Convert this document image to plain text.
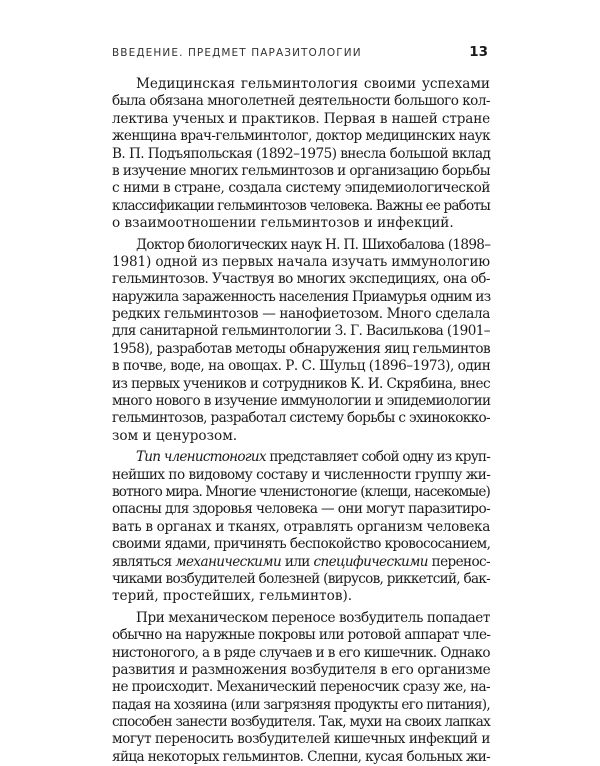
ВВЕДЕНИЕ. ПРЕДМЕТ ПАРАЗИТОЛОГИИ	13
Медицинская гельминтология своими успехами
была обязана многолетней деятельности большого кол-
лектива ученых и практиков. Первая в нашей стране
женщина врач-гельминтолог, доктор медицинских наук
В. П. Подъяпольская (1892–1975) внесла большой вклад
в изучение многих гельминтозов и организацию борьбы
с ними в стране, создала систему эпидемиологической
классификации гельминтозов человека. Важны ее работы
о взаимоотношении гельминтозов и инфекций.
Доктор биологических наук Н. П. Шихобалова (1898–
1981) одной из первых начала изучать иммунологию
гельминтозов. Участвуя во многих экспедициях, она об-
наружила зараженность населения Приамурья одним из
редких гельминтозов — нанофиетозом. Много сделала
для санитарной гельминтологии З. Г. Василькова (1901–
1958), разработав методы обнаружения яиц гельминтов
в почве, воде, на овощах. Р. С. Шульц (1896–1973), один
из первых учеников и сотрудников К. И. Скрябина, внес
много нового в изучение иммунологии и эпидемиологии
гельминтозов, разработал систему борьбы с эхинококко-
зом и ценурозом.
Тип членистоногих представляет собой одну из круп-
нейших по видовому составу и численности группу жи-
вотного мира. Многие членистоногие (клещи, насекомые)
опасны для здоровья человека — они могут паразитиро-
вать в органах и тканях, отравлять организм человека
своими ядами, причинять беспокойство кровососанием,
являться механическими или специфическими перенос-
чиками возбудителей болезней (вирусов, риккетсий, бак-
терий, простейших, гельминтов).
При механическом переносе возбудитель попадает
обычно на наружные покровы или ротовой аппарат чле-
нистоногого, а в ряде случаев и в его кишечник. Однако
развития и размножения возбудителя в его организме
не происходит. Механический переносчик сразу же, на-
падая на хозяина (или загрязняя продукты его питания),
способен занести возбудителя. Так, мухи на своих лапках
могут переносить возбудителей кишечных инфекций и
яйца некоторых гельминтов. Слепни, кусая больных жи-
